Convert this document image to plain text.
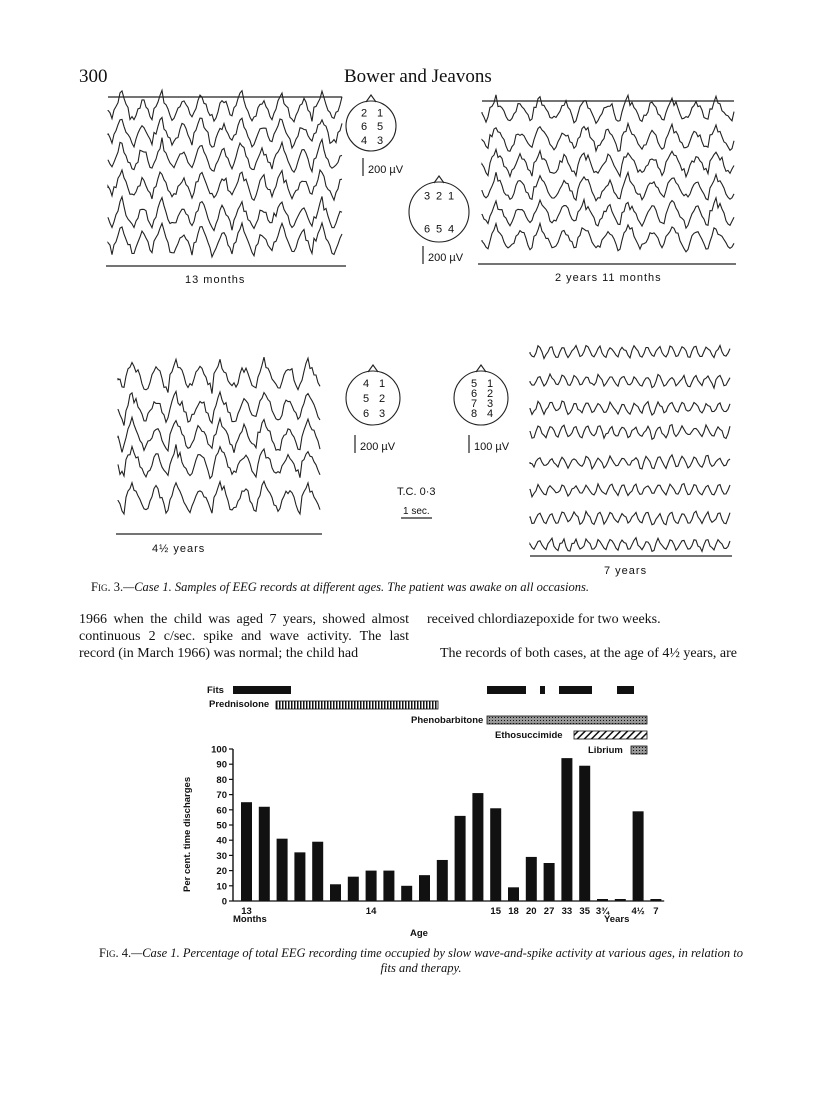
300	Bower and Jeavons
2 1
6 5
4 3
3 2 1
6 5 4
4 1
5 2
6 3
5 1
6 2
7 3
8 4
13 months	2 years 11 months
4½ years
7 years
200 µV
200 µV
200 µV	100 µV
T.C. 0·3
1 sec.
Fig. 3.—Case 1. Samples of EEG records at different ages. The patient was awake on all occasions.
1966 when the child was aged 7 years, showed almost continuous 2 c/sec. spike and wave activity. The last record (in March 1966) was normal; the child had
received chlordiazepoxide for two weeks.
The records of both cases, at the age of 4½ years, are
0
10
20
30
40
50
60
70
80
90
100
13	14	15 18 20 27 33 35 3¾ 4½ 7
Fits
Prednisolone
Phenobarbitone
Ethosuccimide
Librium
Per cent. time discharges
Age
Months	Years
Fig. 4.—Case 1. Percentage of total EEG recording time occupied by slow wave-and-spike activity at various ages, in relation to fits and therapy.
